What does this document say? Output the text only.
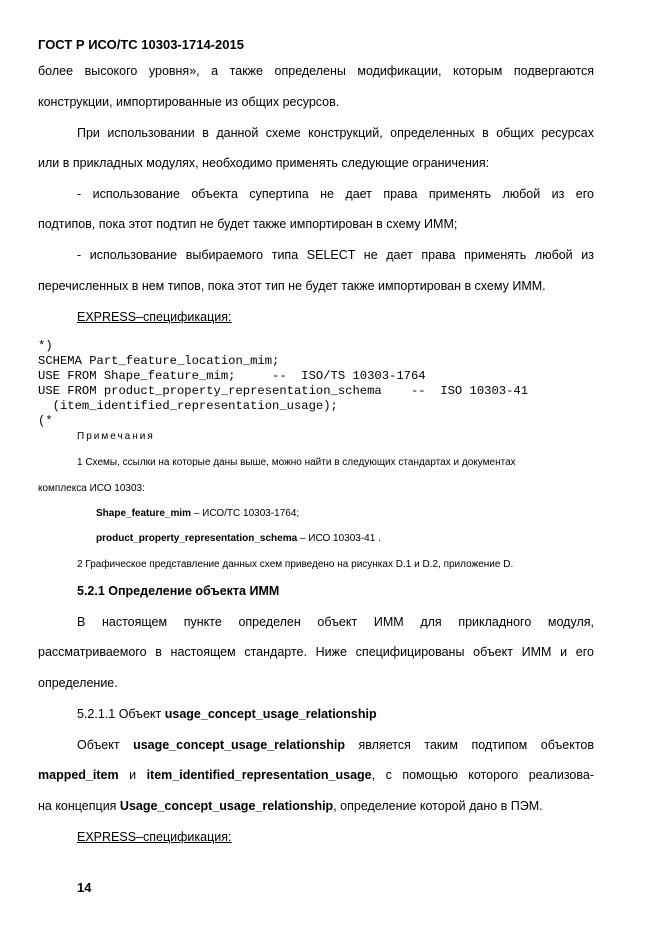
ГОСТ Р ИСО/ТС 10303-1714-2015
более высокого уровня», а также определены модификации, которым подвергаются
конструкции, импортированные из общих ресурсов.
При использовании в данной схеме конструкций, определенных в общих ресурсах
или в прикладных модулях, необходимо применять следующие ограничения:
- использование объекта супертипа не дает права применять любой из его
подтипов, пока этот подтип не будет также импортирован в схему ИММ;
- использование выбираемого типа SELECT не дает права применять любой из
перечисленных в нем типов, пока этот тип не будет также импортирован в схему ИММ.
EXPRESS–спецификация:
*)
SCHEMA Part_feature_location_mim;
USE FROM Shape_feature_mim;     --  ISO/TS 10303-1764
USE FROM product_property_representation_schema    --  ISO 10303-41
(item_identified_representation_usage);
(*
Примечания
1 Схемы, ссылки на которые даны выше, можно найти в следующих стандартах и документах
комплекса ИСО 10303:
Shape_feature_mim – ИСО/ТС 10303-1764;
product_property_representation_schema – ИСО 10303-41 .
2 Графическое представление данных схем приведено на рисунках D.1 и D.2, приложение D.
5.2.1 Определение объекта ИММ
В настоящем пункте определен объект ИММ для прикладного модуля,
рассматриваемого в настоящем стандарте. Ниже специфицированы объект ИММ и его
определение.
5.2.1.1 Объект usage_concept_usage_relationship
Объект usage_concept_usage_relationship является таким подтипом объектов
mapped_item и item_identified_representation_usage, с помощью которого реализова-
на концепция Usage_concept_usage_relationship, определение которой дано в ПЭМ.
EXPRESS–спецификация:
14
